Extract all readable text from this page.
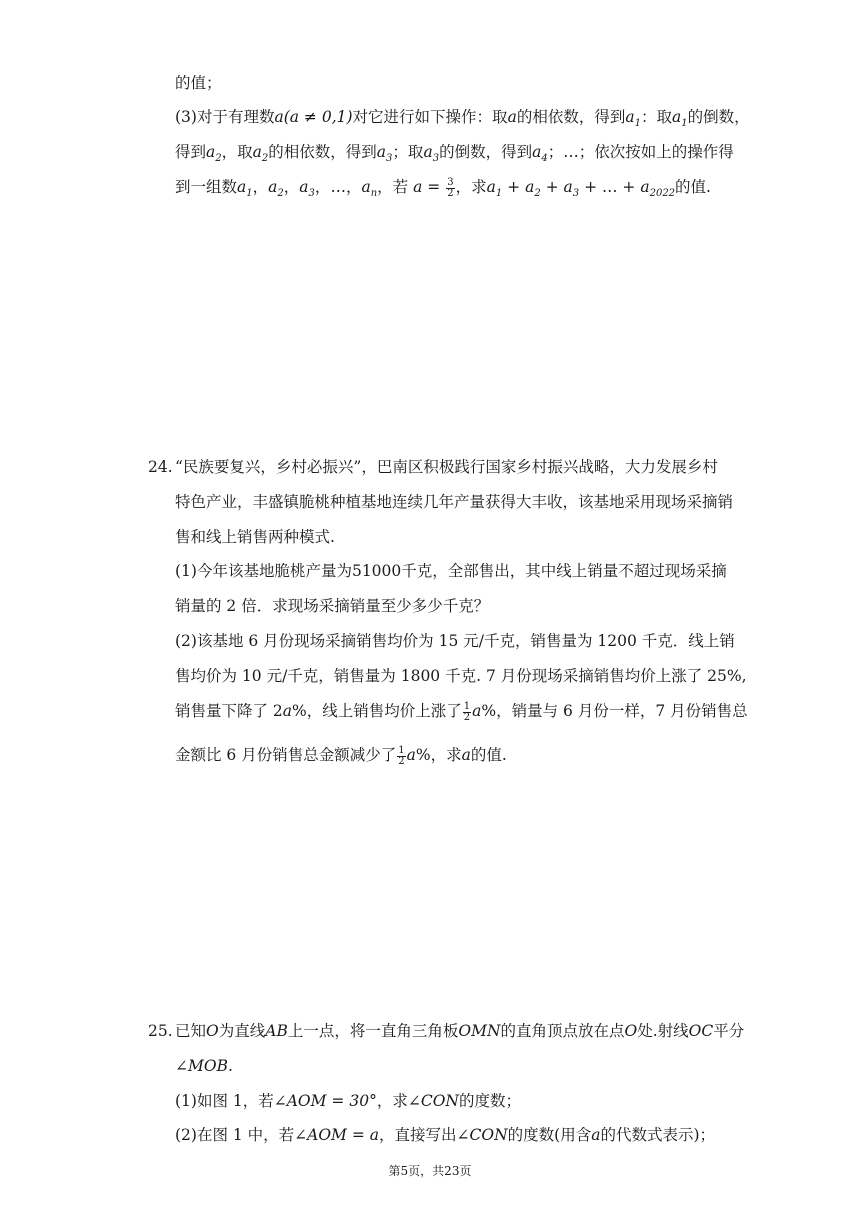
的值；
(3)对于有理数a(a ≠ 0,1)对它进行如下操作：取a的相依数，得到$a_1$：取$a_1$的倒数，
得到$a_2$，取$a_2$的相依数，得到$a_3$；取$a_3$的倒数，得到$a_4$；…；依次按如上的操作得
到一组数$a_1$，$a_2$，$a_3$，…，$a_n$，若 $a = \frac{3}{2}$ ，求$a_1 + a_2 + a_3$ + … + $a_{2022}$的值.
24. “民族要复兴，乡村必振兴”，巴南区积极践行国家乡村振兴战略，大力发展乡村
特色产业，丰盛镇脆桃种植基地连续几年产量获得大丰收，该基地采用现场采摘销
售和线上销售两种模式.
(1)今年该基地脆桃产量为51000千克，全部售出，其中线上销量不超过现场采摘
销量的 2 倍．求现场采摘销量至少多少千克？
(2)该基地 6 月份现场采摘销售均价为 15 元/千克，销售量为 1200 千克．线上销
售均价为 10 元/千克，销售量为 1800 千克. 7 月份现场采摘销售均价上涨了 25%,
销售量下降了 2a%，线上销售均价上涨了 $\frac{1}{2} a\%$，销量与 6 月份一样，7 月份销售总
金额比 6 月份销售总金额减少了 $\frac{1}{2} a\%$，求a的值.
25. 已知O为直线AB上一点，将一直角三角板OMN的直角顶点放在点O处.射线OC平分
∠MOB.
(1)如图 1，若∠AOM = 30°，求∠CON的度数；
(2)在图 1 中，若∠AOM = a，直接写出∠CON的度数(用含a的代数式表示)；
第5页，共23页
